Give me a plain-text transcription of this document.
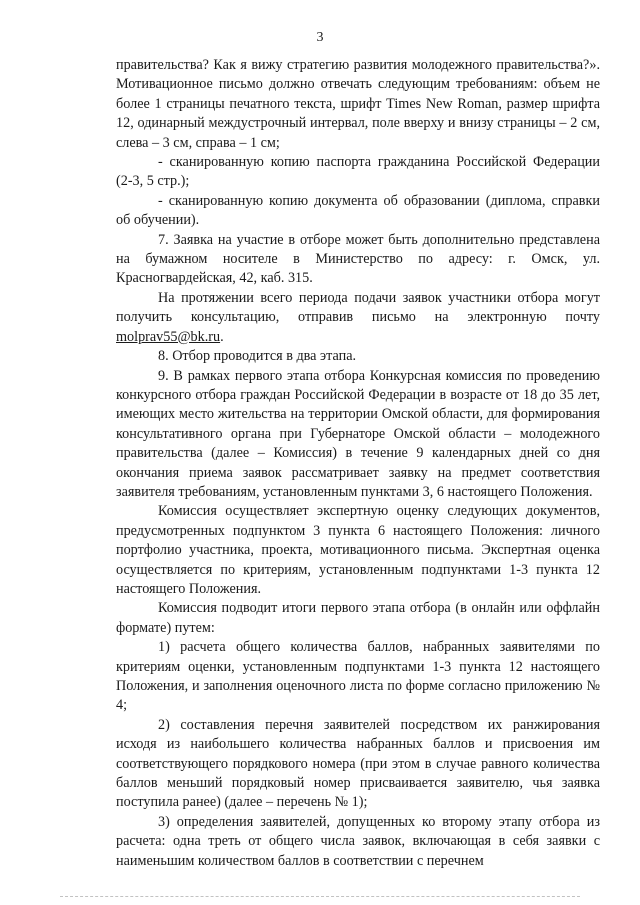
3

правительства? Как я вижу стратегию развития молодежного правительства?». Мотивационное письмо должно отвечать следующим требованиям: объем не более 1 страницы печатного текста, шрифт Times New Roman, размер шрифта 12, одинарный междустрочный интервал, поле вверху и внизу страницы – 2 см, слева – 3 см, справа – 1 см;

- сканированную копию паспорта гражданина Российской Федерации (2-3, 5 стр.);

- сканированную копию документа об образовании (диплома, справки об обучении).

7. Заявка на участие в отборе может быть дополнительно представлена на бумажном носителе в Министерство по адресу: г. Омск, ул. Красногвардейская, 42, каб. 315.

На протяжении всего периода подачи заявок участники отбора могут получить консультацию, отправив письмо на электронную почту molprav55@bk.ru.

8. Отбор проводится в два этапа.

9. В рамках первого этапа отбора Конкурсная комиссия по проведению конкурсного отбора граждан Российской Федерации в возрасте от 18 до 35 лет, имеющих место жительства на территории Омской области, для формирования консультативного органа при Губернаторе Омской области – молодежного правительства (далее – Комиссия) в течение 9 календарных дней со дня окончания приема заявок рассматривает заявку на предмет соответствия заявителя требованиям, установленным пунктами 3, 6 настоящего Положения.

Комиссия осуществляет экспертную оценку следующих документов, предусмотренных подпунктом 3 пункта 6 настоящего Положения: личного портфолио участника, проекта, мотивационного письма. Экспертная оценка осуществляется по критериям, установленным подпунктами 1-3 пункта 12 настоящего Положения.

Комиссия подводит итоги первого этапа отбора (в онлайн или оффлайн формате) путем:

1) расчета общего количества баллов, набранных заявителями по критериям оценки, установленным подпунктами 1-3 пункта 12 настоящего Положения, и заполнения оценочного листа по форме согласно приложению № 4;

2) составления перечня заявителей посредством их ранжирования исходя из наибольшего количества набранных баллов и присвоения им соответствующего порядкового номера (при этом в случае равного количества баллов меньший порядковый номер присваивается заявителю, чья заявка поступила ранее) (далее – перечень № 1);

3) определения заявителей, допущенных ко второму этапу отбора из расчета: одна треть от общего числа заявок, включающая в себя заявки с наименьшим количеством баллов в соответствии с перечнем
